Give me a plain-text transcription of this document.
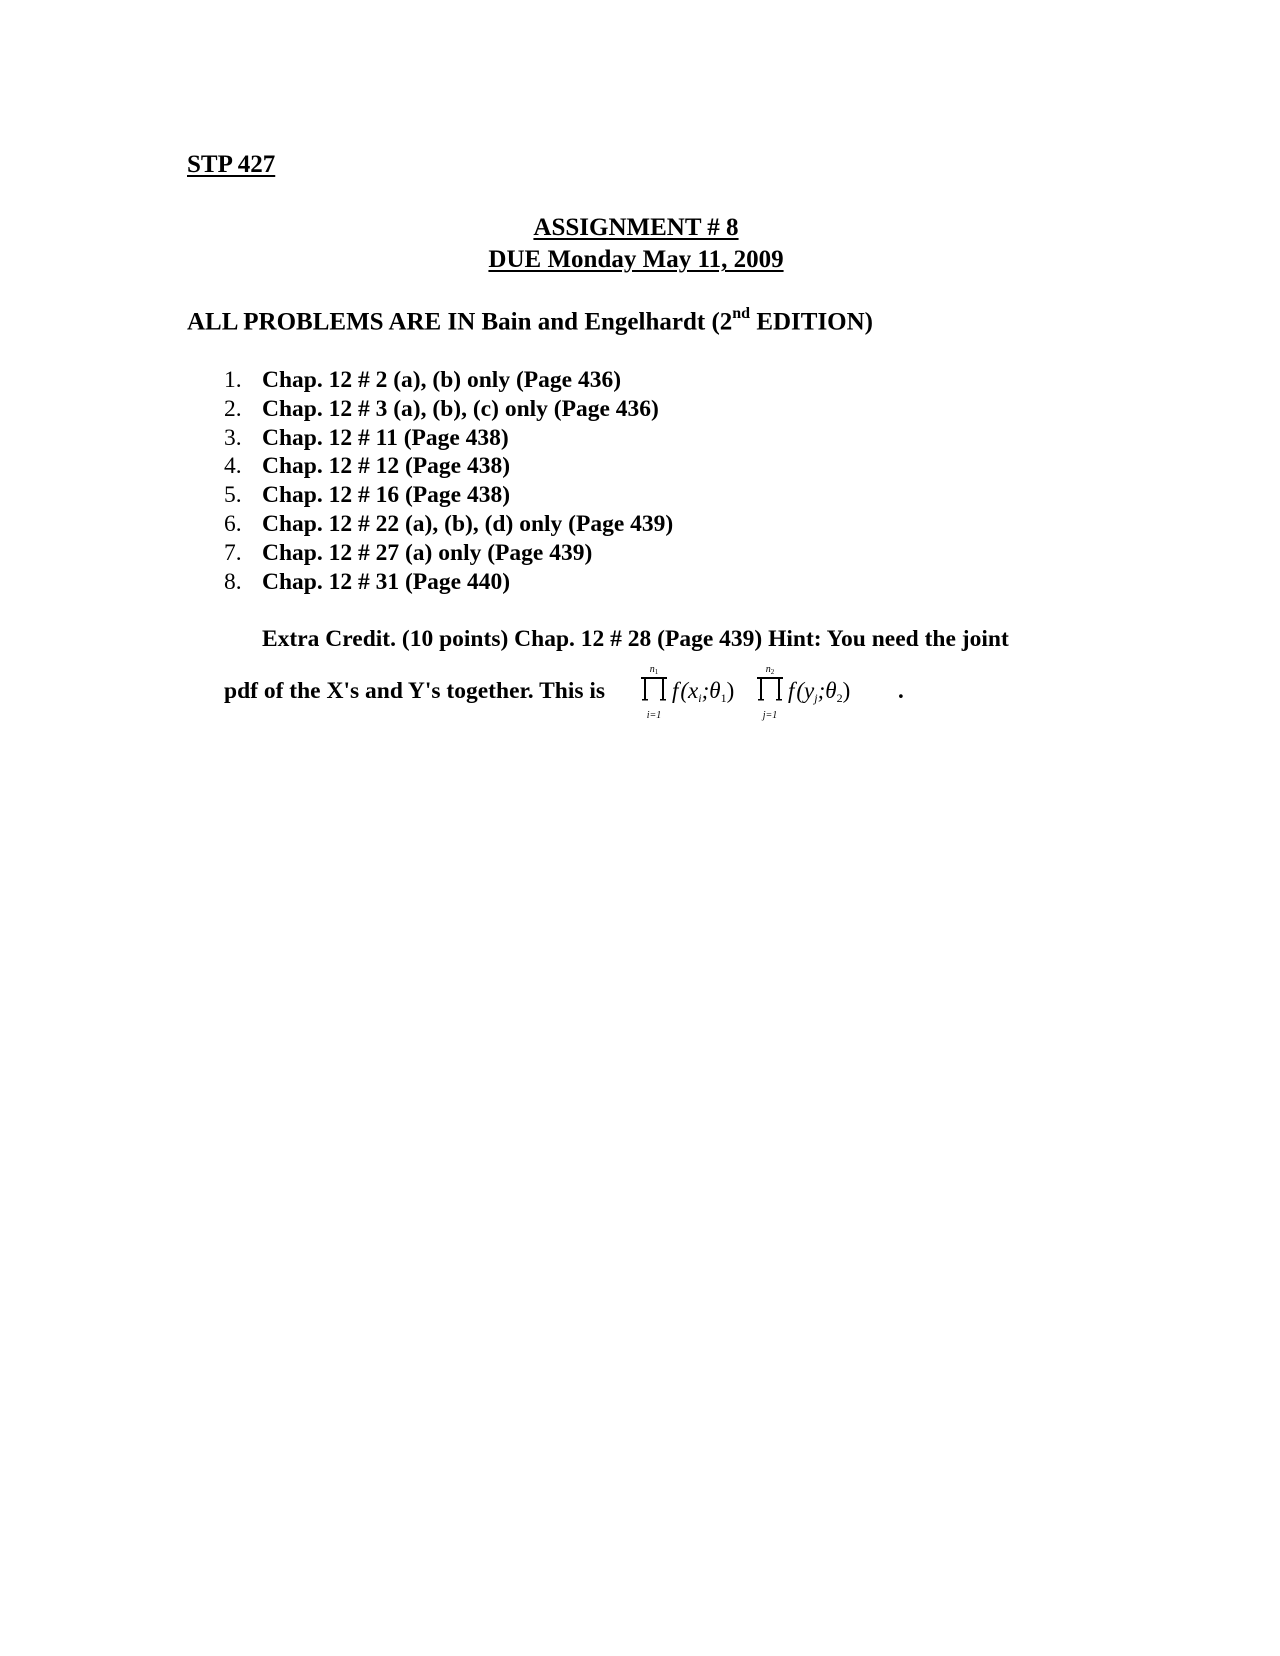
STP 427

ASSIGNMENT # 8

DUE Monday May 11, 2009

ALL PROBLEMS ARE IN Bain and Engelhardt (2nd EDITION)

1. Chap. 12 # 2 (a), (b) only (Page 436)
2. Chap. 12 # 3 (a), (b), (c) only (Page 436)
3. Chap. 12 # 11 (Page 438)
4. Chap. 12 # 12 (Page 438)
5. Chap. 12 # 16 (Page 438)
6. Chap. 12 # 22 (a), (b), (d) only (Page 439)
7. Chap. 12 # 27 (a) only (Page 439)
8. Chap. 12 # 31 (Page 440)

Extra Credit. (10 points) Chap. 12 # 28 (Page 439) Hint: You need the joint

pdf of the X's and Y's together. This is

$n_1$
i=1
f(xi;θ1)
$n_2$
j=1
f(yj;θ2) .
